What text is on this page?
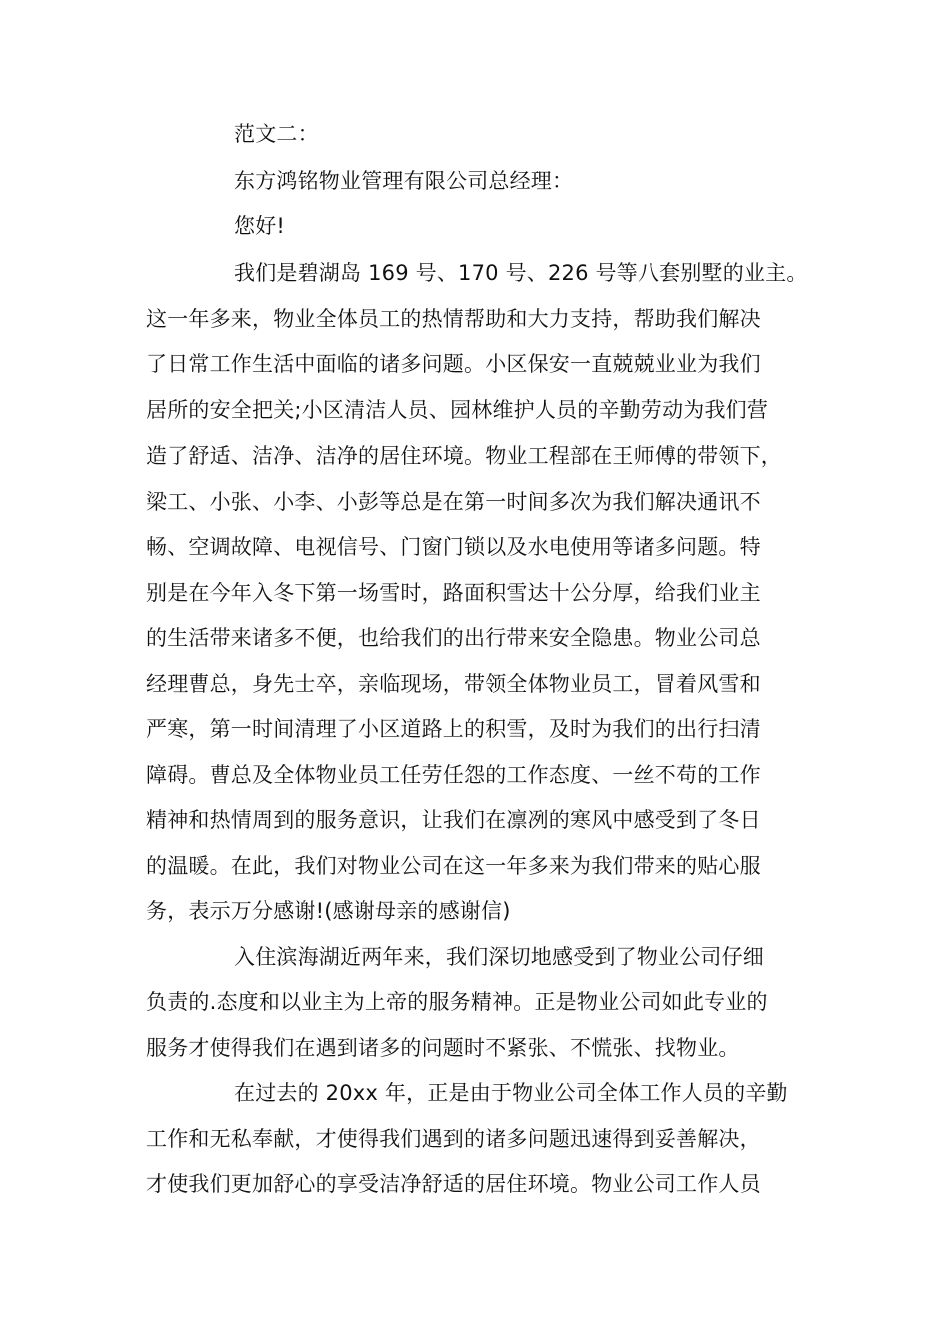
范文二：
东方鸿铭物业管理有限公司总经理：
您好!
我们是碧湖岛 169 号、170 号、226 号等八套别墅的业主。
这一年多来，物业全体员工的热情帮助和大力支持，帮助我们解决
了日常工作生活中面临的诸多问题。小区保安一直兢兢业业为我们
居所的安全把关;小区清洁人员、园林维护人员的辛勤劳动为我们营
造了舒适、洁净、洁净的居住环境。物业工程部在王师傅的带领下，
梁工、小张、小李、小彭等总是在第一时间多次为我们解决通讯不
畅、空调故障、电视信号、门窗门锁以及水电使用等诸多问题。特
别是在今年入冬下第一场雪时，路面积雪达十公分厚，给我们业主
的生活带来诸多不便，也给我们的出行带来安全隐患。物业公司总
经理曹总，身先士卒，亲临现场，带领全体物业员工，冒着风雪和
严寒，第一时间清理了小区道路上的积雪，及时为我们的出行扫清
障碍。曹总及全体物业员工任劳任怨的工作态度、一丝不苟的工作
精神和热情周到的服务意识，让我们在凛冽的寒风中感受到了冬日
的温暖。在此，我们对物业公司在这一年多来为我们带来的贴心服
务，表示万分感谢!(感谢母亲的感谢信)
入住滨海湖近两年来，我们深切地感受到了物业公司仔细
负责的.态度和以业主为上帝的服务精神。正是物业公司如此专业的
服务才使得我们在遇到诸多的问题时不紧张、不慌张、找物业。
在过去的 20xx 年，正是由于物业公司全体工作人员的辛勤
工作和无私奉献，才使得我们遇到的诸多问题迅速得到妥善解决，
才使我们更加舒心的享受洁净舒适的居住环境。物业公司工作人员
